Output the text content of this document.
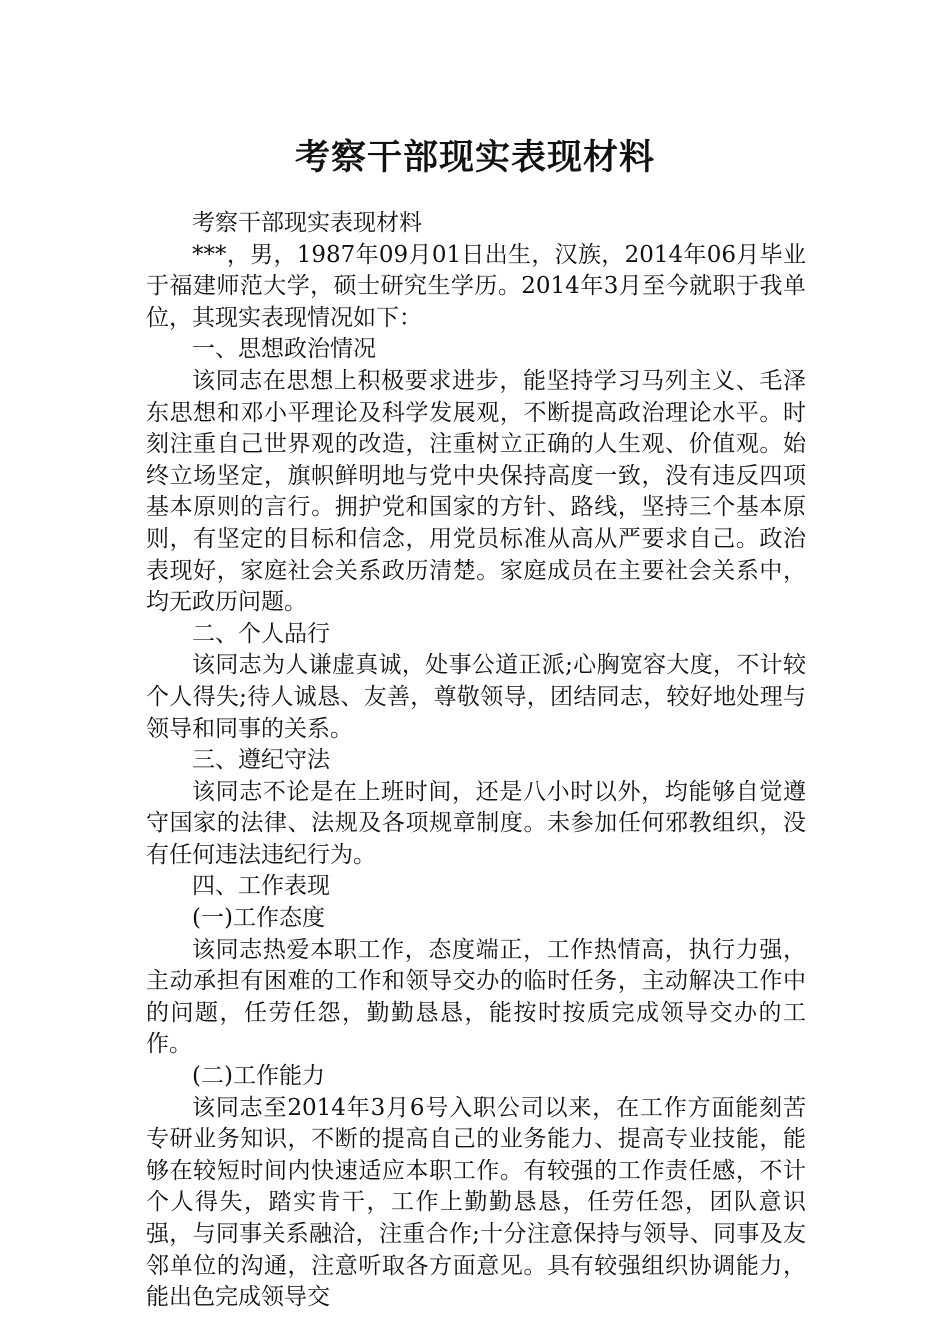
考察干部现实表现材料

考察干部现实表现材料

***，男，1987年09月01日出生，汉族，2014年06月毕业于福建师范大学，硕士研究生学历。2014年3月至今就职于我单位，其现实表现情况如下：

一、思想政治情况

该同志在思想上积极要求进步，能坚持学习马列主义、毛泽东思想和邓小平理论及科学发展观，不断提高政治理论水平。时刻注重自己世界观的改造，注重树立正确的人生观、价值观。始终立场坚定，旗帜鲜明地与党中央保持高度一致，没有违反四项基本原则的言行。拥护党和国家的方针、路线，坚持三个基本原则，有坚定的目标和信念，用党员标准从高从严要求自己。政治表现好，家庭社会关系政历清楚。家庭成员在主要社会关系中，均无政历问题。

二、个人品行

该同志为人谦虚真诚，处事公道正派;心胸宽容大度，不计较个人得失;待人诚恳、友善，尊敬领导，团结同志，较好地处理与领导和同事的关系。

三、遵纪守法

该同志不论是在上班时间，还是八小时以外，均能够自觉遵守国家的法律、法规及各项规章制度。未参加任何邪教组织，没有任何违法违纪行为。

四、工作表现

(一)工作态度

该同志热爱本职工作，态度端正，工作热情高，执行力强，主动承担有困难的工作和领导交办的临时任务，主动解决工作中的问题，任劳任怨，勤勤恳恳，能按时按质完成领导交办的工作。

(二)工作能力

该同志至2014年3月6号入职公司以来，在工作方面能刻苦专研业务知识，不断的提高自己的业务能力、提高专业技能，能够在较短时间内快速适应本职工作。有较强的工作责任感，不计个人得失，踏实肯干，工作上勤勤恳恳，任劳任怨，团队意识强，与同事关系融洽，注重合作;十分注意保持与领导、同事及友邻单位的沟通，注意听取各方面意见。具有较强组织协调能力，能出色完成领导交
